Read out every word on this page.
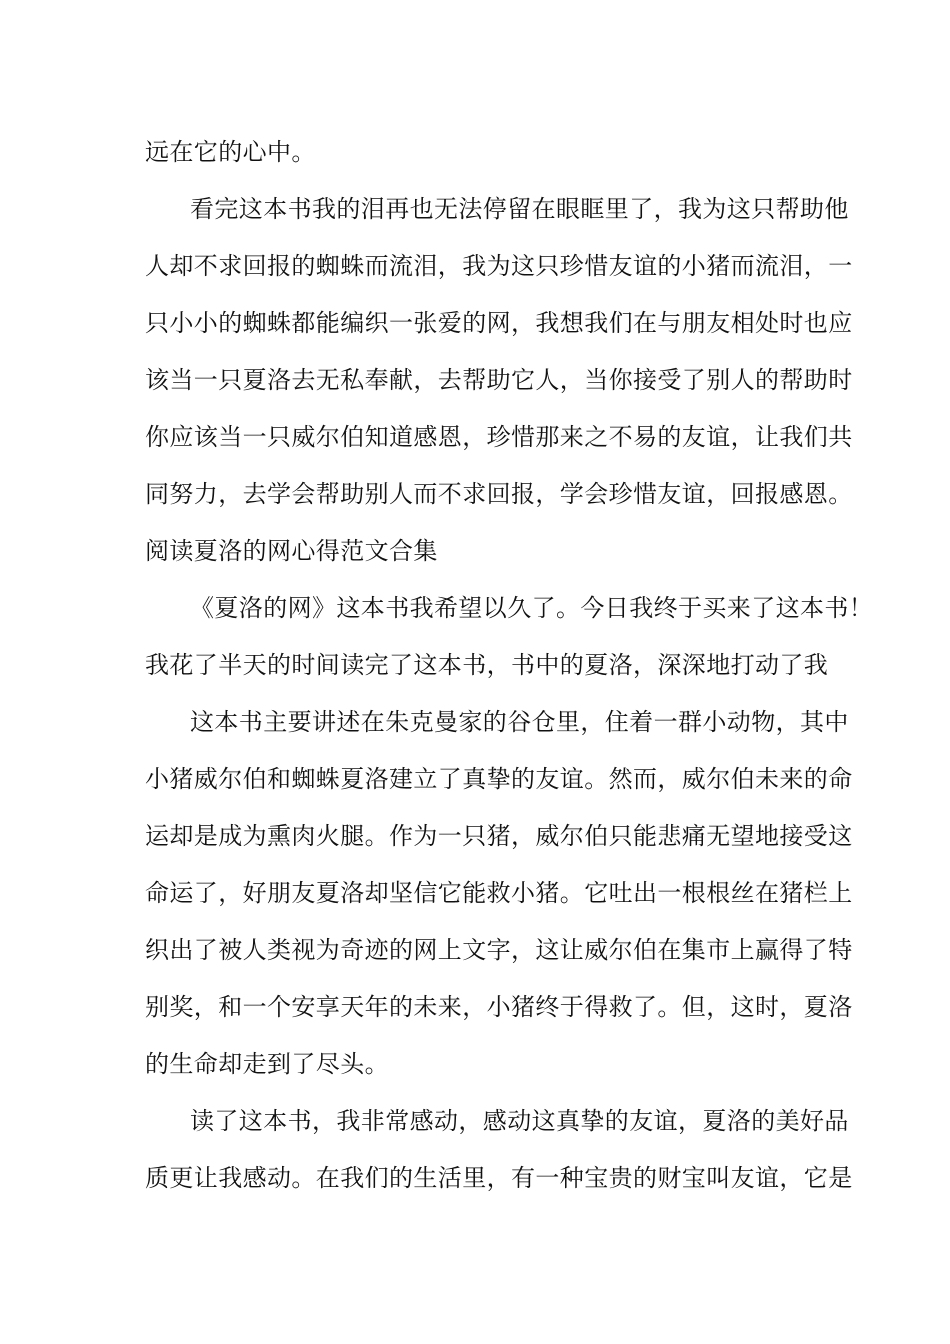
远在它的心中。
看完这本书我的泪再也无法停留在眼眶里了，我为这只帮助他
人却不求回报的蜘蛛而流泪，我为这只珍惜友谊的小猪而流泪，一
只小小的蜘蛛都能编织一张爱的网，我想我们在与朋友相处时也应
该当一只夏洛去无私奉献，去帮助它人，当你接受了别人的帮助时
你应该当一只威尔伯知道感恩，珍惜那来之不易的友谊，让我们共
同努力，去学会帮助别人而不求回报，学会珍惜友谊，回报感恩。
阅读夏洛的网心得范文合集
《夏洛的网》这本书我希望以久了。今日我终于买来了这本书！
我花了半天的时间读完了这本书，书中的夏洛，深深地打动了我
这本书主要讲述在朱克曼家的谷仓里，住着一群小动物，其中
小猪威尔伯和蜘蛛夏洛建立了真挚的友谊。然而，威尔伯未来的命
运却是成为熏肉火腿。作为一只猪，威尔伯只能悲痛无望地接受这
命运了，好朋友夏洛却坚信它能救小猪。它吐出一根根丝在猪栏上
织出了被人类视为奇迹的网上文字，这让威尔伯在集市上赢得了特
别奖，和一个安享天年的未来，小猪终于得救了。但，这时，夏洛
的生命却走到了尽头。
读了这本书，我非常感动，感动这真挚的友谊，夏洛的美好品
质更让我感动。在我们的生活里，有一种宝贵的财宝叫友谊，它是
